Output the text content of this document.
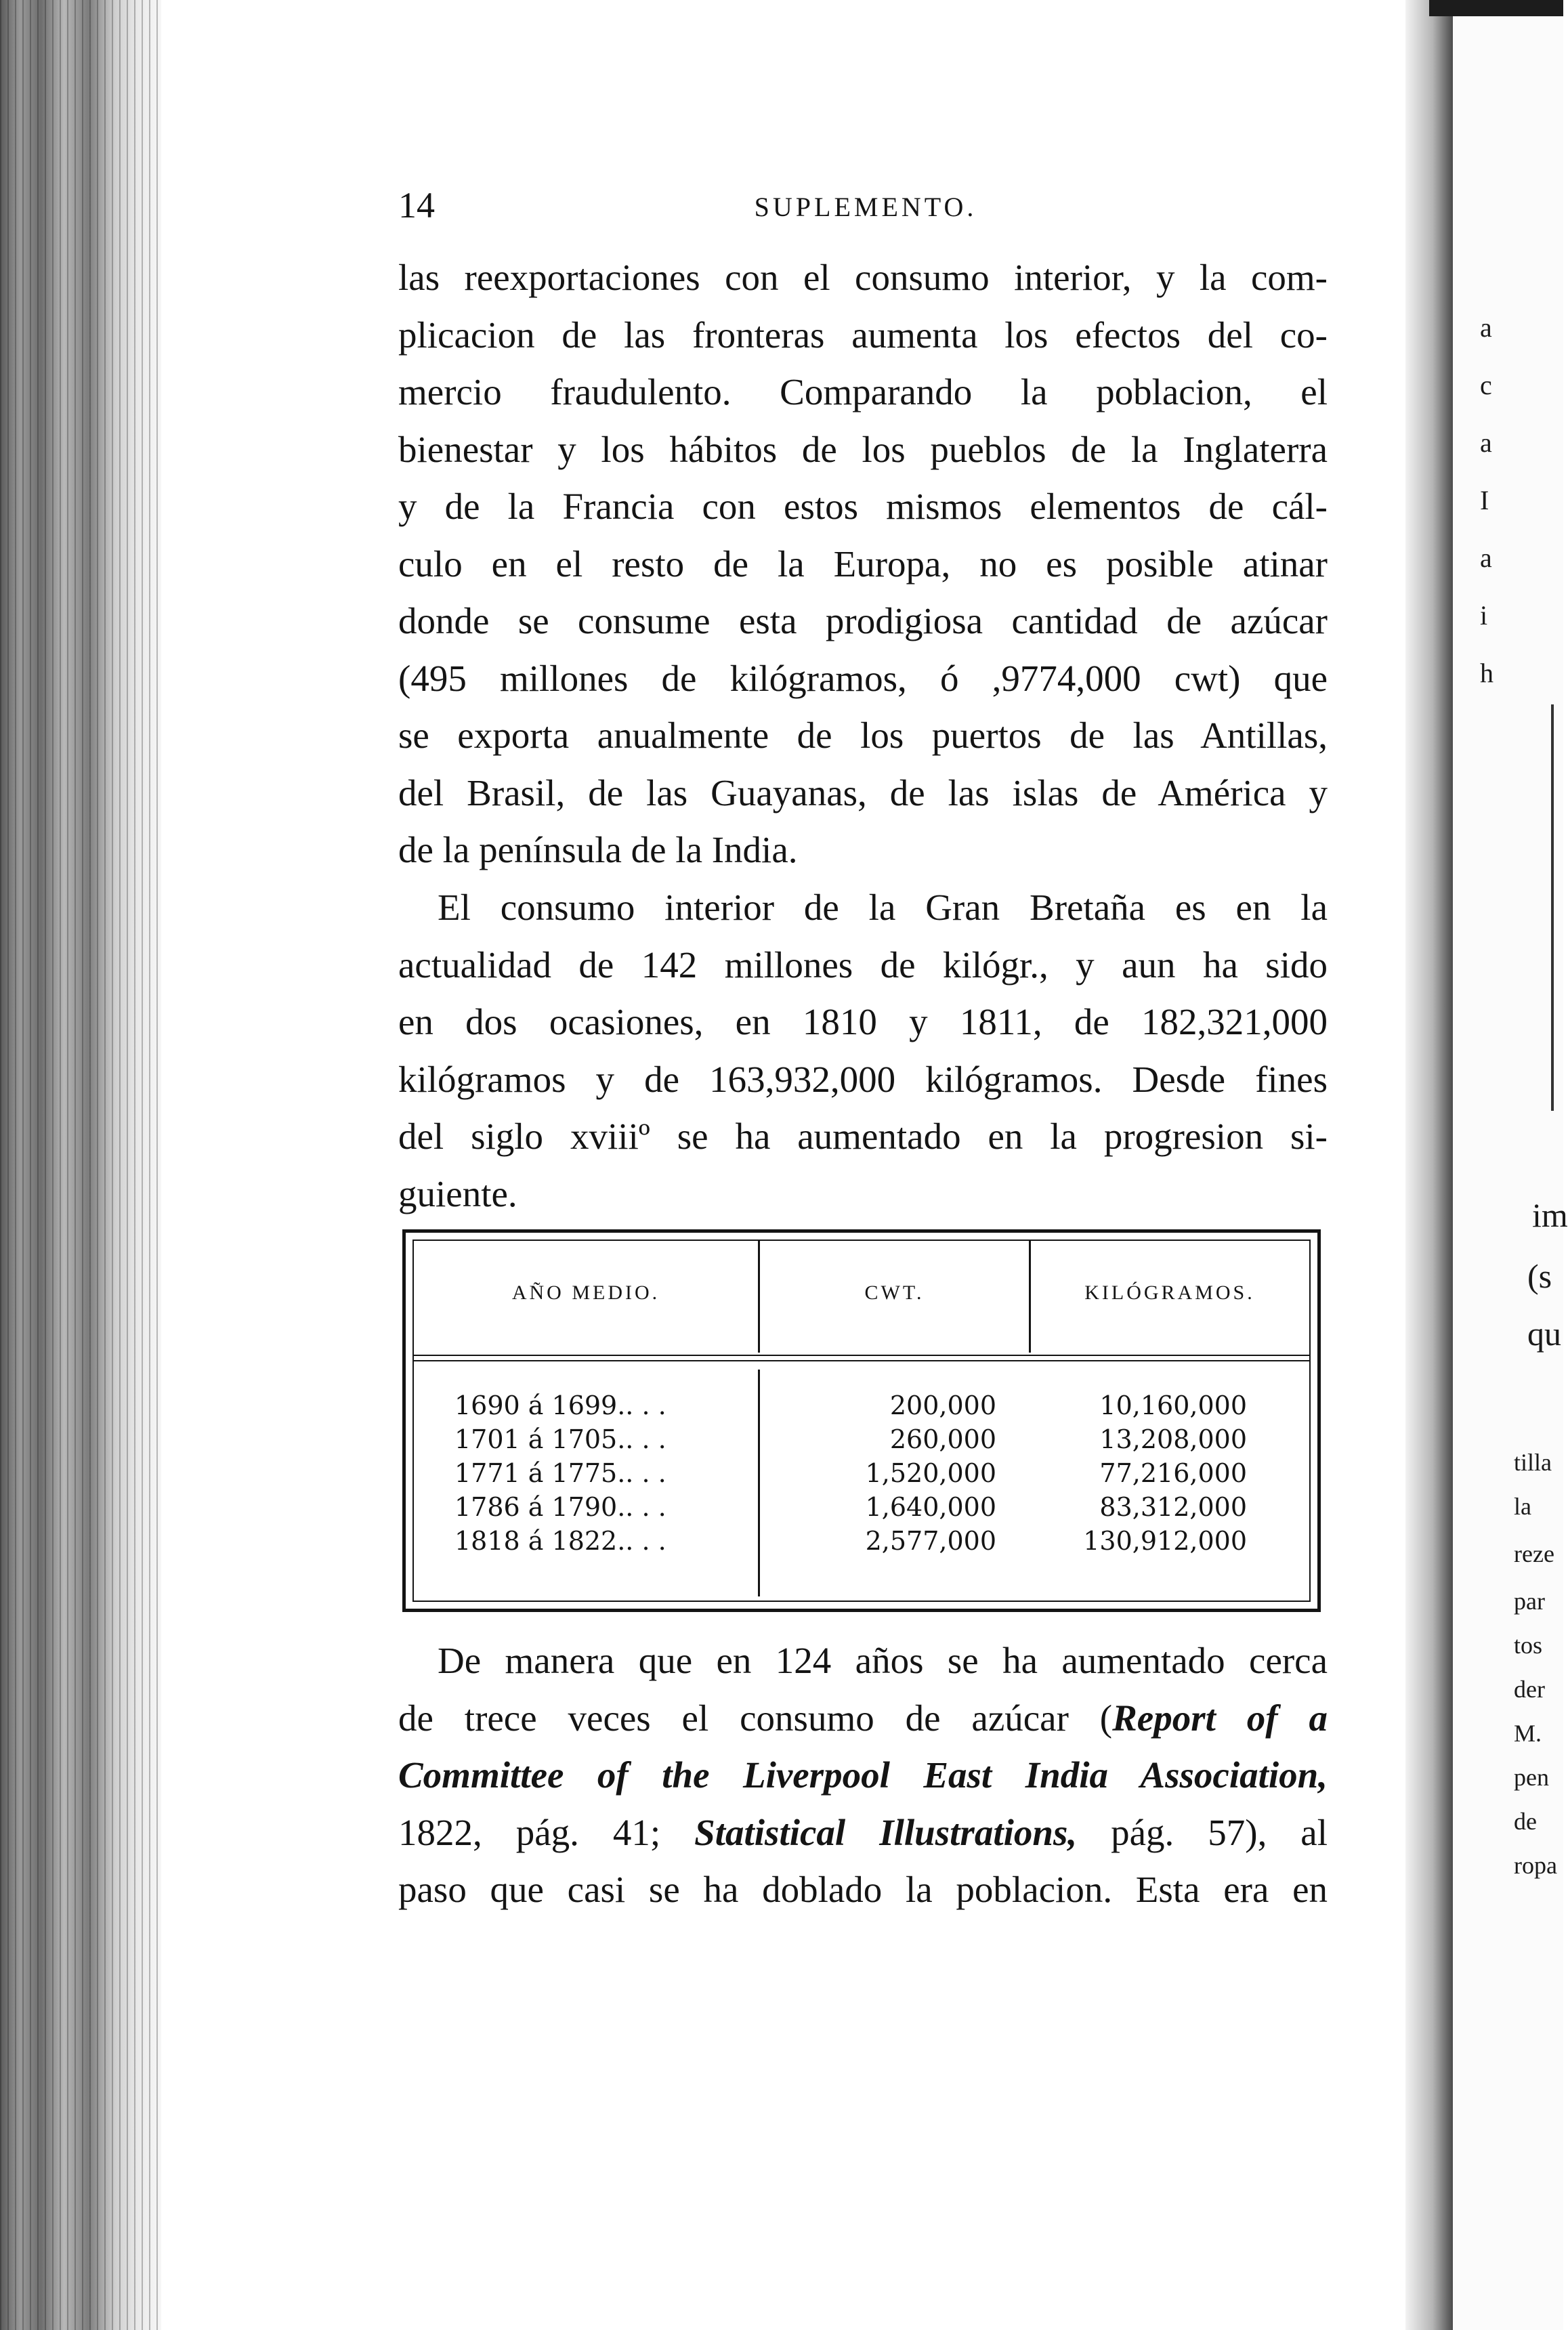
a
c
a
I
a
i
h
im
(s
qu
tilla
la
reze
par
tos
der
M.
pen
de
ropa
14	SUPLEMENTO.
las reexportaciones con el consumo interior, y la com-
plicacion de las fronteras aumenta los efectos del co-
mercio fraudulento. Comparando la poblacion, el
bienestar y los hábitos de los pueblos de la Inglaterra
y de la Francia con estos mismos elementos de cál-
culo en el resto de la Europa, no es posible atinar
donde se consume esta prodigiosa cantidad de azúcar
(495 millones de kilógramos, ó ,9774,000 cwt) que
se exporta anualmente de los puertos de las Antillas,
del Brasil, de las Guayanas, de las islas de América y
de la península de la India.
El consumo interior de la Gran Bretaña es en la
actualidad de 142 millones de kilógr., y aun ha sido
en dos ocasiones, en 1810 y 1811, de 182,321,000
kilógramos y de 163,932,000 kilógramos. Desde fines
del siglo xviiiº se ha aumentado en la progresion si-
guiente.
AÑO MEDIO.	CWT.	KILÓGRAMOS.
1690 á 1699.. . .	200,000	10,160,000
1701 á 1705.. . .	260,000	13,208,000
1771 á 1775.. . .	1,520,000	77,216,000
1786 á 1790.. . .	1,640,000	83,312,000
1818 á 1822.. . .	2,577,000	130,912,000
De manera que en 124 años se ha aumentado cerca
de trece veces el consumo de azúcar (Report of a
Committee of the Liverpool East India Association,
1822, pág. 41; Statistical Illustrations, pág. 57), al
paso que casi se ha doblado la poblacion. Esta era en
